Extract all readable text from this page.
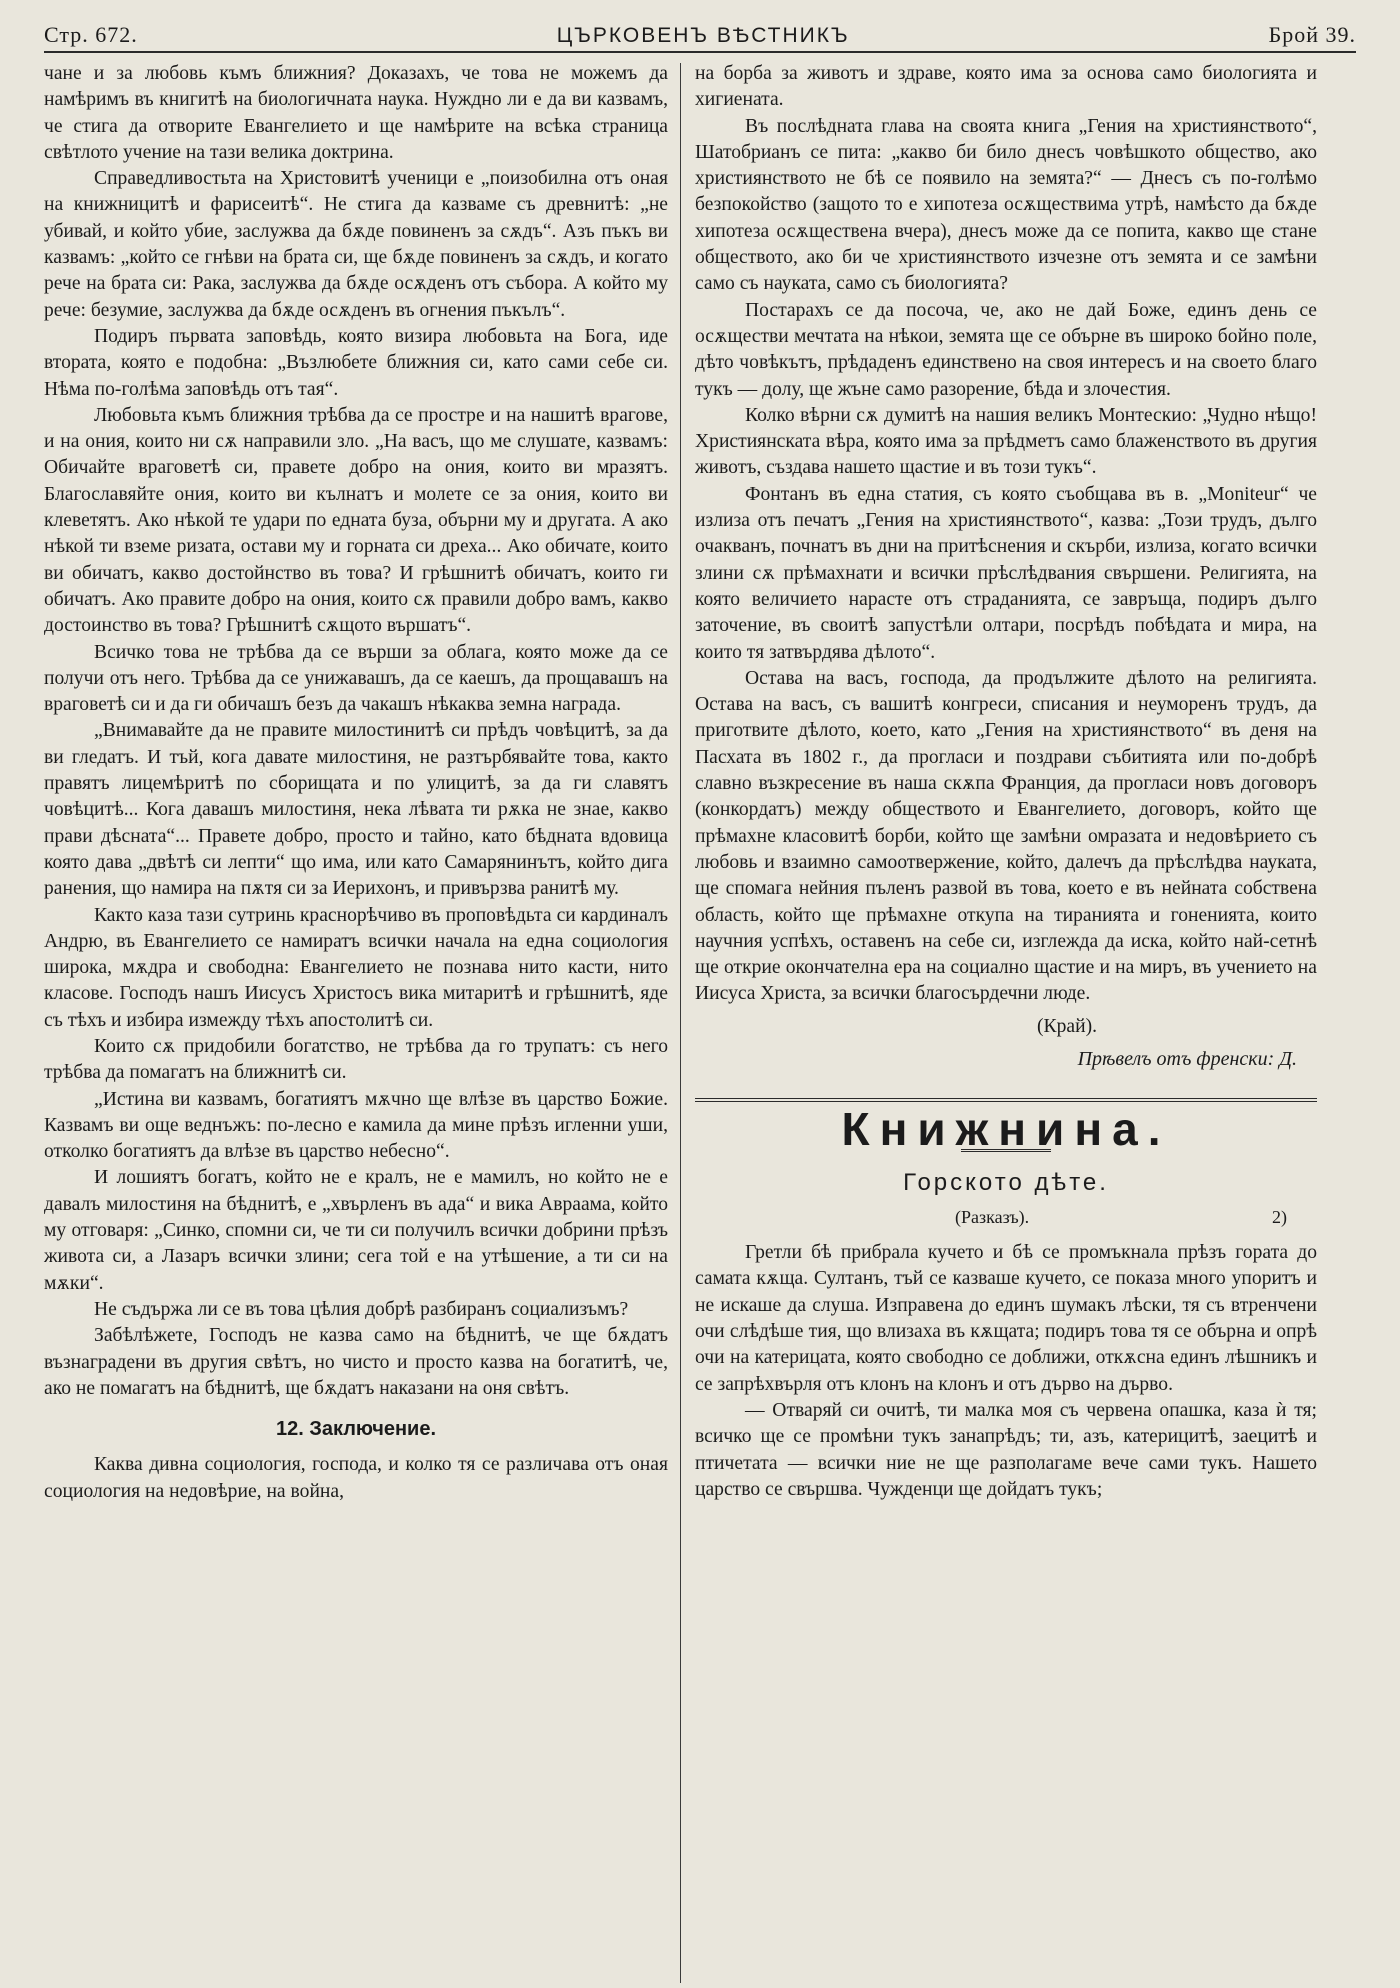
Стр. 672.	ЦЪРКОВЕНЪ ВѢСТНИКЪ	Брой 39.

чане и за любовь къмъ ближния? Доказахъ, че това не можемъ да намѣримъ въ книгитѣ на биологичната наука. Нуждно ли е да ви казвамъ, че стига да отворите Евангелието и ще намѣрите на всѣка страница свѣтлото учение на тази велика доктрина.

Справедливостьта на Христовитѣ ученици е „поизобилна отъ оная на книжницитѣ и фарисеитѣ“. Не стига да казваме съ древнитѣ: „не убивай, и който убие, заслужва да бѫде повиненъ за сѫдъ“. Азъ пъкъ ви казвамъ: „който се гнѣви на брата си, ще бѫде повиненъ за сѫдъ, и когато рече на брата си: Рака, заслужва да бѫде осѫденъ отъ събора. А който му рече: безумие, заслужва да бѫде осѫденъ въ огнения пъкълъ“.

Подиръ първата заповѣдь, която визира любовьта на Бога, иде втората, която е подобна: „Възлюбете ближния си, като сами себе си. Нѣма по-голѣма заповѣдь отъ тая“.

Любовьта къмъ ближния трѣбва да се простре и на нашитѣ врагове, и на ония, които ни сѫ направили зло. „На васъ, що ме слушате, казвамъ: Обичайте враговетѣ си, правете добро на ония, които ви мразятъ. Благославяйте ония, които ви кълнатъ и молете се за ония, които ви клеветятъ. Ако нѣкой те удари по едната буза, обърни му и другата. А ако нѣкой ти вземе ризата, остави му и горната си дреха... Ако обичате, които ви обичатъ, какво достойнство въ това? И грѣшнитѣ обичатъ, които ги обичатъ. Ако правите добро на ония, които сѫ правили добро вамъ, какво достоинство въ това? Грѣшнитѣ сѫщото вършатъ“.

Всичко това не трѣбва да се върши за облага, която може да се получи отъ него. Трѣбва да се унижавашъ, да се каешъ, да прощавашъ на враговетѣ си и да ги обичашъ безъ да чакашъ нѣкаква земна награда.

„Внимавайте да не правите милостинитѣ си прѣдъ човѣцитѣ, за да ви гледатъ. И тъй, кога давате милостиня, не разтърбявайте това, както правятъ лицемѣритѣ по сборищата и по улицитѣ, за да ги славятъ човѣцитѣ... Кога давашъ милостиня, нека лѣвата ти рѫка не знае, какво прави дѣсната“... Правете добро, просто и тайно, като бѣдната вдовица която дава „двѣтѣ си лепти“ що има, или като Самарянинътъ, който дига ранения, що намира на пѫтя си за Иерихонъ, и привързва ранитѣ му.

Както каза тази сутринь краснорѣчиво въ проповѣдьта си кардиналъ Андрю, въ Евангелието се намиратъ всички начала на една социология широка, мѫдра и свободна: Евангелието не познава нито касти, нито класове. Господъ нашъ Иисусъ Христосъ вика митаритѣ и грѣшнитѣ, яде съ тѣхъ и избира измежду тѣхъ апостолитѣ си.

Които сѫ придобили богатство, не трѣбва да го трупатъ: съ него трѣбва да помагатъ на ближнитѣ си.

„Истина ви казвамъ, богатиятъ мѫчно ще влѣзе въ царство Божие. Казвамъ ви още веднъжъ: по-лесно е камила да мине прѣзъ игленни уши, отколко богатиятъ да влѣзе въ царство небесно“.

И лошиятъ богатъ, който не е кралъ, не е мамилъ, но който не е давалъ милостиня на бѣднитѣ, е „хвърленъ въ ада“ и вика Авраама, който му отговаря: „Синко, спомни си, че ти си получилъ всички добрини прѣзъ живота си, а Лазаръ всички злини; сега той е на утѣшение, а ти си на мѫки“.

Не съдържа ли се въ това цѣлия добрѣ разбиранъ социализъмъ?

Забѣлѣжете, Господъ не казва само на бѣднитѣ, че ще бѫдатъ възнаградени въ другия свѣтъ, но чисто и просто казва на богатитѣ, че, ако не помагатъ на бѣднитѣ, ще бѫдатъ наказани на оня свѣтъ.

12. Заключение.

Каква дивна социология, господа, и колко тя се различава отъ оная социология на недовѣрие, на война,

на борба за животъ и здраве, която има за основа само биологията и хигиената.

Въ послѣдната глава на своята книга „Гения на християнството“, Шатобрианъ се пита: „какво би било днесъ човѣшкото общество, ако християнството не бѣ се появило на земята?“ — Днесъ съ по-голѣмо безпокойство (защото то е хипотеза осѫществима утрѣ, намѣсто да бѫде хипотеза осѫществена вчера), днесъ може да се попита, какво ще стане обществото, ако би че християнството изчезне отъ земята и се замѣни само съ науката, само съ биологията?

Постарахъ се да посоча, че, ако не дай Боже, единъ день се осѫществи мечтата на нѣкои, земята ще се обърне въ широко бойно поле, дѣто човѣкътъ, прѣдаденъ единствено на своя интересъ и на своето благо тукъ — долу, ще жъне само разорение, бѣда и злочестия.

Колко вѣрни сѫ думитѣ на нашия великъ Монтескио: „Чудно нѣщо! Християнската вѣра, която има за прѣдметъ само блаженството въ другия животъ, създава нашето щастие и въ този тукъ“.

Фонтанъ въ една статия, съ която съобщава въ в. „Moniteur“ че излиза отъ печатъ „Гения на християнството“, казва: „Този трудъ, дълго очакванъ, почнатъ въ дни на притѣснения и скърби, излиза, когато всички злини сѫ прѣмахнати и всички прѣслѣдвания свършени. Религията, на която величието нарастe отъ страданията, се завръща, подиръ дълго заточение, въ своитѣ запустѣли олтари, посрѣдъ побѣдата и мира, на които тя затвърдява дѣлото“.

Остава на васъ, господа, да продължите дѣлото на религията. Остава на васъ, съ вашитѣ конгреси, списания и неуморенъ трудъ, да приготвите дѣлото, което, като „Гения на християнството“ въ деня на Пасхата въ 1802 г., да прогласи и поздрави събитията или по-добрѣ славно възкресение въ наша скѫпа Франция, да прогласи новъ договоръ (конкордатъ) между обществото и Евангелието, договоръ, който ще прѣмахне класовитѣ борби, който ще замѣни омразата и недовѣрието съ любовь и взаимно самоотвержение, който, далечъ да прѣслѣдва науката, ще спомага нейния пъленъ развой въ това, което е въ нейната собствена область, който ще прѣмахне откупа на тиранията и гоненията, които научния успѣхъ, оставенъ на себе си, изглежда да иска, който най-сетнѣ ще открие окончателна ера на социално щастие и на миръ, въ учението на Иисуса Христа, за всички благосърдечни люде.

(Край).
Прѣвелъ отъ френски: Д.
Книжнина.
Горското дѣте.
(Разказъ).	2)

Гретли бѣ прибрала кучето и бѣ се промъкнала прѣзъ гората до самата кѫща. Султанъ, тъй се казваше кучето, се показа много упоритъ и не искаше да слуша. Изправена до единъ шумакъ лѣски, тя съ втренчени очи слѣдѣше тия, що влизаха въ кѫщата; подиръ това тя се обърна и опрѣ очи на катерицата, която свободно се доближи, откѫсна единъ лѣшникъ и се запрѣхвърля отъ клонъ на клонъ и отъ дърво на дърво.

— Отваряй си очитѣ, ти малка моя съ червена опашка, каза ѝ тя; всичко ще се промѣни тукъ занапрѣдъ; ти, азъ, катерицитѣ, заецитѣ и птичетата — всички ние не ще разполагаме вече сами тукъ. Нашето царство се свършва. Чужденци ще дойдатъ тукъ;
